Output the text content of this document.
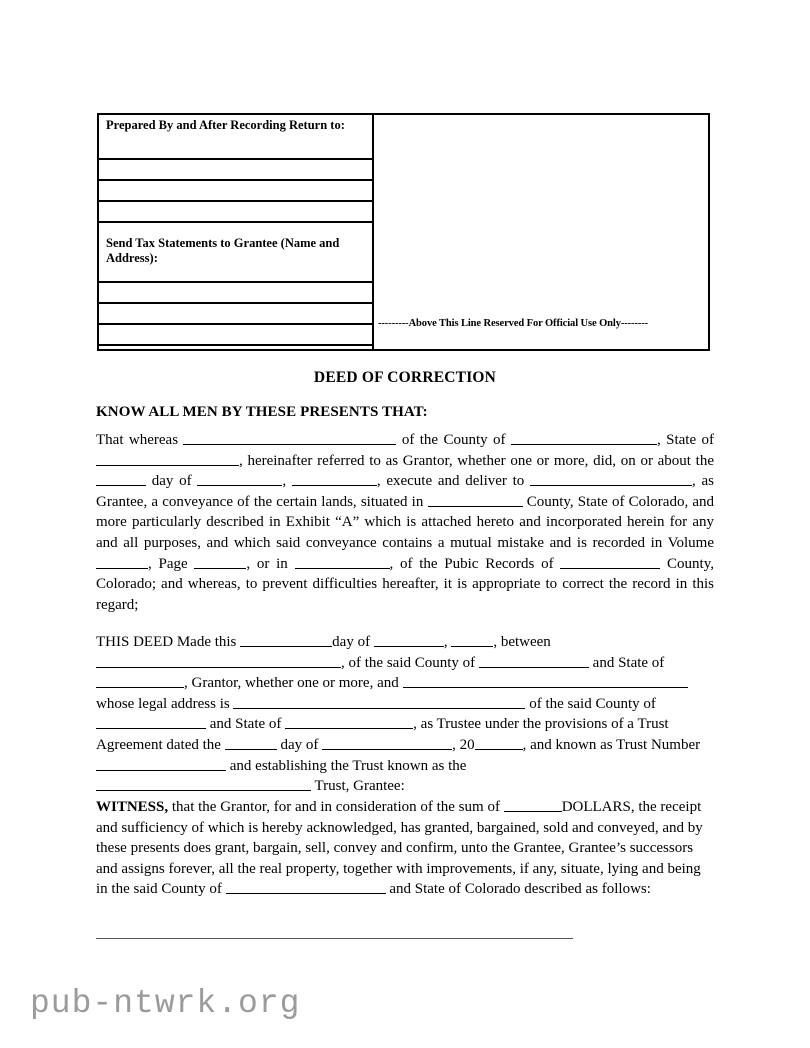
Prepared By and After Recording Return to:
Send Tax Statements to Grantee (Name and Address):
---------Above This Line Reserved For Official Use Only--------
DEED OF CORRECTION
KNOW ALL MEN BY THESE PRESENTS THAT:
That whereas	of the County of	, State of , hereinafter referred to as Grantor, whether one or more, did, on or about the  day of	,	, execute and deliver to	, as Grantee, a conveyance of the certain lands, situated in	County, State of Colorado, and more particularly described in Exhibit “A” which is attached hereto and incorporated herein for any and all purposes, and which said conveyance contains a mutual mistake and is recorded in Volume , Page	, or in	, of the Pubic Records of	County, Colorado; and whereas, to prevent difficulties hereafter, it is appropriate to correct the record in this regard;
THIS DEED Made this	day of	,	, between
, of the said County of	and State of
, Grantor, whether one or more, and
whose legal address is	of the said County of
and State of	, as Trustee under the provisions of a Trust Agreement dated the	day of	, 20	, and known as Trust Number  and establishing the Trust known as the
Trust, Grantee:
WITNESS, that the Grantor, for and in consideration of the sum of	DOLLARS, the receipt and sufficiency of which is hereby acknowledged, has granted, bargained, sold and conveyed, and by these presents does grant, bargain, sell, convey and confirm, unto the Grantee, Grantee’s successors and assigns forever, all the real property, together with improvements, if any, situate, lying and being in the said County of	and State of Colorado described as follows:
pub-ntwrk.org
